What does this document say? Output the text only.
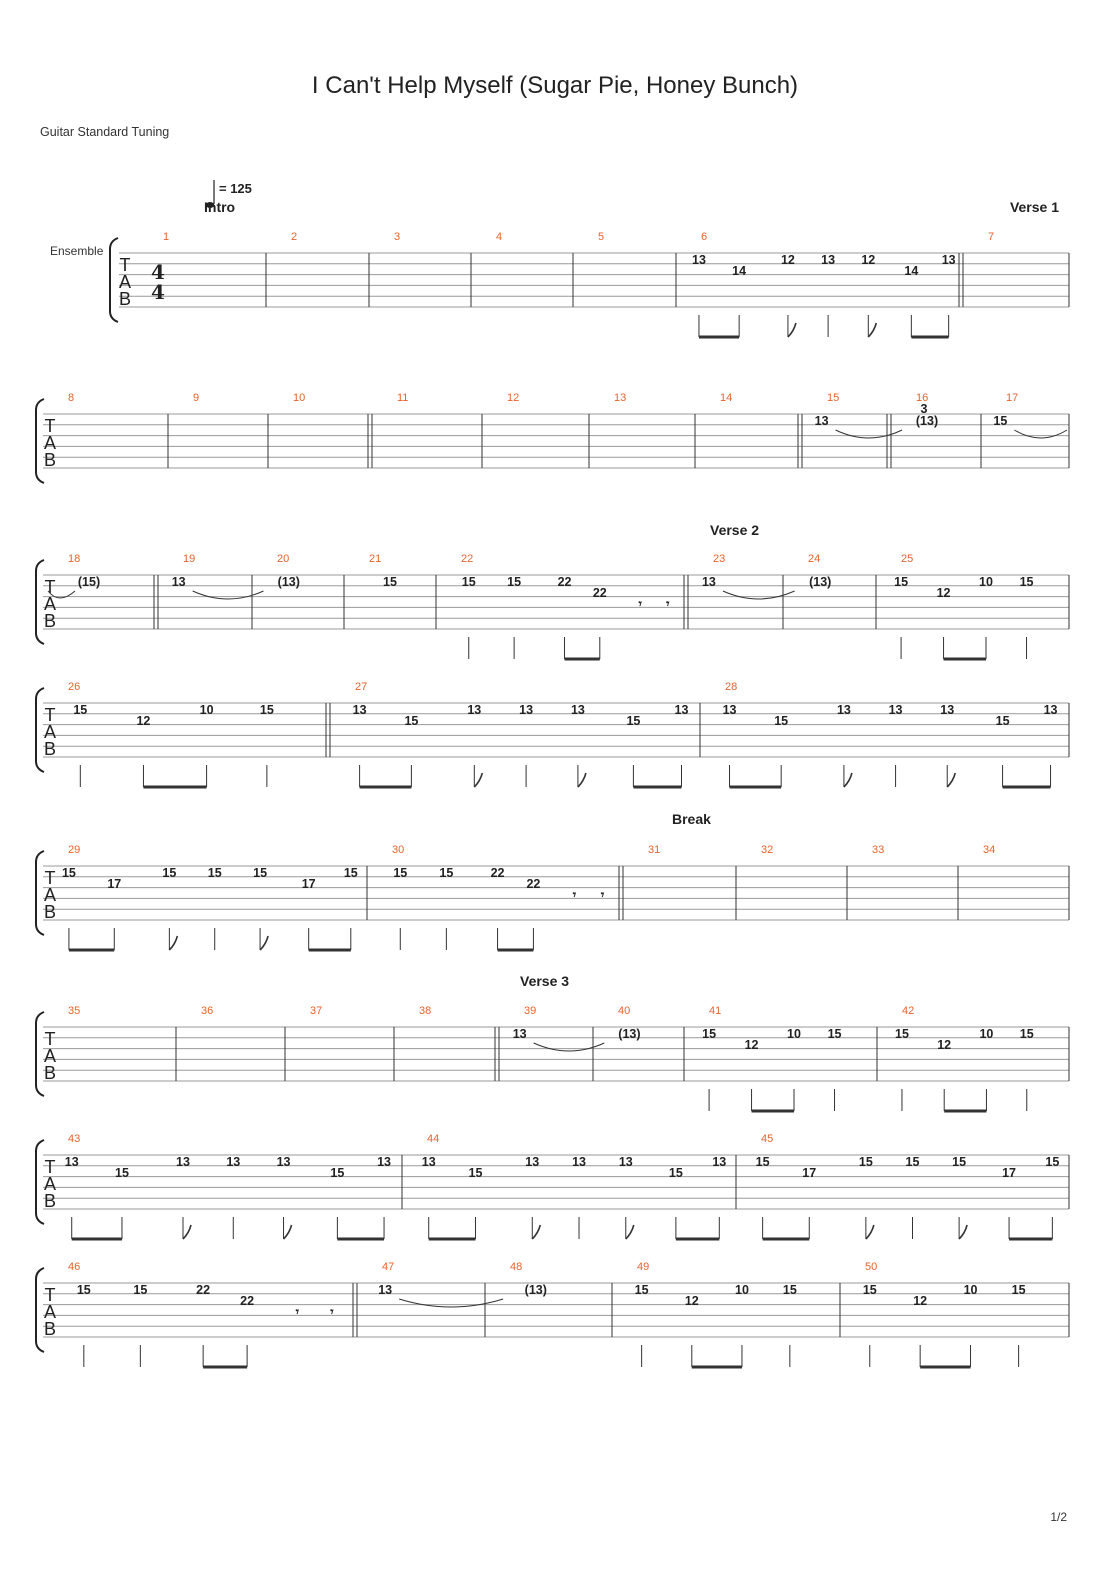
I Can't Help Myself (Sugar Pie, Honey Bunch)
Guitar Standard Tuning
T
A
B
1	2	3	4	5	6
13
14
12 13 12
14
13
7
T
A
B
8	9	10	11	12	13	14	15
13
16
(13)
3
17
15
T
A
B
18
(15)
19
13
20
(13)
21
15
22
15	15	22
22
𝄾 𝄾
23
13
24
(13)
25
15
12
10 15
T
A
B
26
15
12
10	15
27
13
15
13	13	13
15
13
28
13
15
13	13	13
15
13
T
A
B
29
15
17
15	15	15
17
15
30
15	15	22
22
𝄾 𝄾
31	32	33	34
T
A
B
35	36	37	38	39
13
40
(13)
41
15
12
10 15
42
15
12
10 15
T
A
B
43
13
15
13	13	13
15
13
44
13
15
13	13	13
15
13
45
15
17
15	15	15
17
15
T
A
B
46
15	15	22
22
𝄾 𝄾
47
13
48
(13)
49
15
12
10	15
50
15
12
10	15
4
4
Ensemble
= 125
Intro	Verse 1
Verse 2
Break
Verse 3
1/2
